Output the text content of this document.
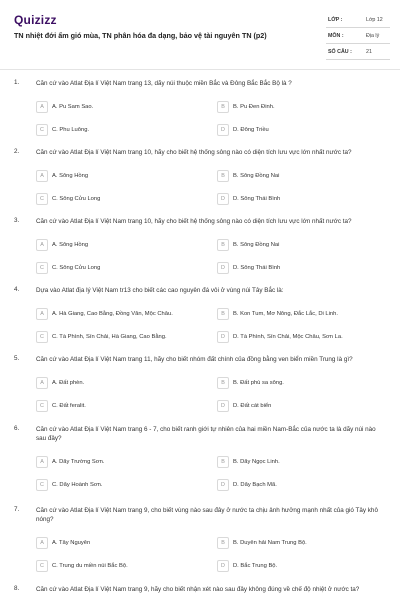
Quizizz
TN nhiệt đới ẩm gió mùa, TN phân hóa đa dạng, bảo vệ tài nguyên TN (p2)
LỚP :	Lớp 12
MÔN :	Địa lý
SỐ CÂU :	21
1.	Căn cứ vào Atlat Địa lí Việt Nam trang 13, dãy núi thuộc miền Bắc và Đông Bắc Bắc Bộ là ?
A	A. Pu Sam Sao.	B	B. Pu Đen Đinh.
C	C. Phu Luông.	D	D. Đông Triều
2.	Căn cứ vào Atlat Địa lí Việt Nam trang 10, hãy cho biết hệ thống sông nào có diện tích lưu vực lớn nhất nước ta?
A	A. Sông Hồng	B	B. Sông Đồng Nai
C	C. Sông Cửu Long	D	D. Sông Thái Bình
3.	Căn cứ vào Atlat Địa lí Việt Nam trang 10, hãy cho biết hệ thống sông nào có diện tích lưu vực lớn nhất nước ta?
A	A. Sông Hồng	B	B. Sông Đồng Nai
C	C. Sông Cửu Long	D	D. Sông Thái Bình
4.	Dựa vào Atlat địa lý Việt Nam tr13 cho biết các cao nguyên đá vôi ở vùng núi Tây Bắc là:
A	A. Hà Giang, Cao Bằng, Đồng Văn, Mộc Châu.	B	B. Kon Tum, Mơ Nông, Đắc Lắc, Di Linh.
C	C. Tà Phình, Sín Chải, Hà Giang, Cao Bằng.	D	D. Tà Phình, Sín Chải, Mộc Châu, Sơn La.
5.	Căn cứ vào Atlat Địa lí Việt Nam trang 11, hãy cho biết nhóm đất chính của đồng bằng ven biển miền Trung là gì?
A	A. Đất phèn.	B	B. Đất phù sa sông.
C	C. Đất feralit.	D	D. Đất cát biển
6.	Căn cứ vào Atlat Địa lí Việt Nam trang 6 - 7, cho biết ranh giới tự nhiên của hai miền Nam-Bắc của nước ta là dãy núi nào sau đây?
A	A. Dãy Trường Sơn.	B	B. Dãy Ngọc Linh.
C	C. Dãy Hoành Sơn.	D	D. Dãy Bạch Mã.
7.	Căn cứ vào Atlat Địa lí Việt Nam trang 9, cho biết vùng nào sau đây ở nước ta chịu ảnh hưởng mạnh nhất của gió Tây khô nóng?
A	A. Tây Nguyên	B	B. Duyên hải Nam Trung Bộ.
C	C. Trung du miền núi Bắc Bộ.	D	D. Bắc Trung Bộ.
8.	Căn cứ vào Atlat Địa lí Việt Nam trang 9, hãy cho biết nhận xét nào sau đây không đúng về chế độ nhiệt ở nước ta?
